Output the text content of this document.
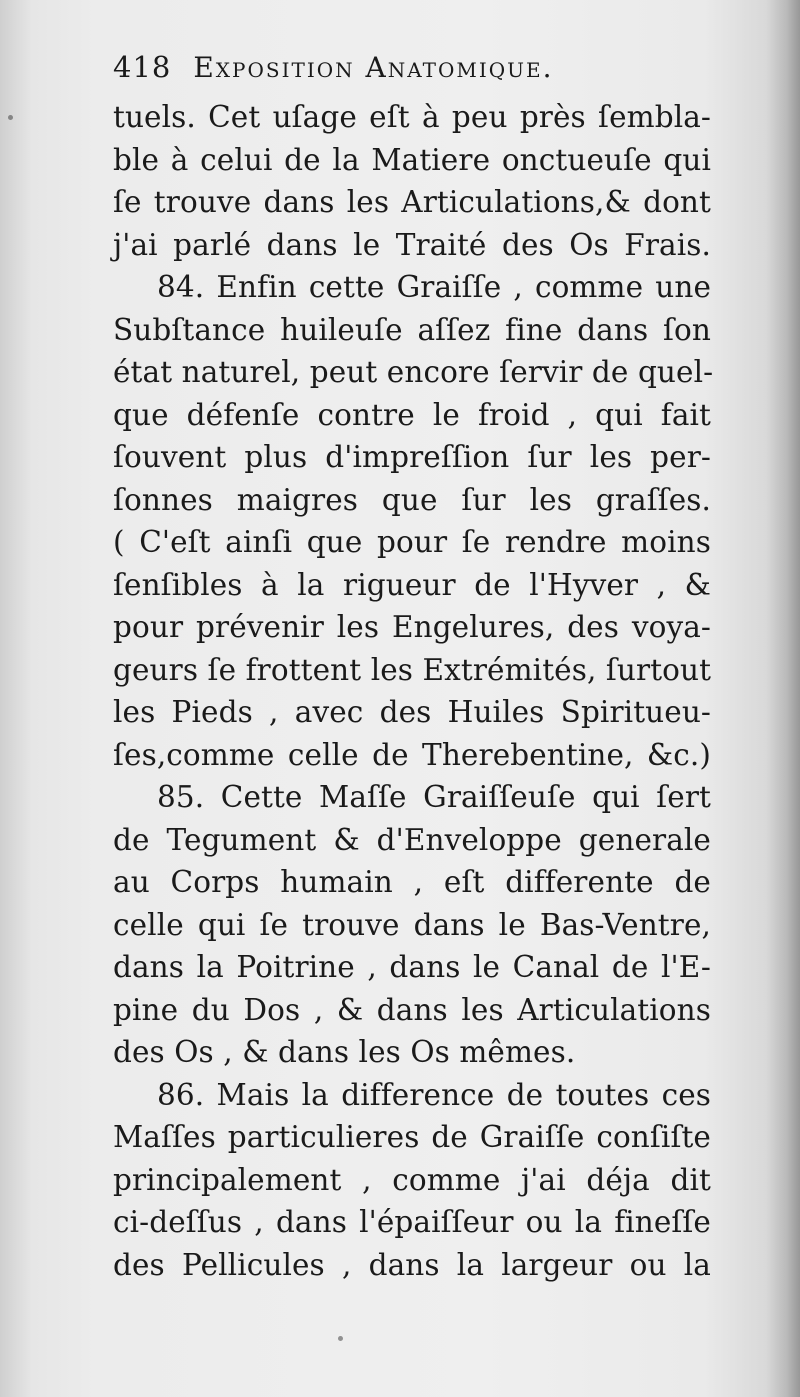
418 Exposition Anatomique.
tuels. Cet uſage eſt à peu près ſembla-
ble à celui de la Matiere onctueuſe qui
ſe trouve dans les Articulations,& dont
j'ai parlé dans le Traité des Os Frais.
84. Enfin cette Graiſſe , comme une
Subſtance huileuſe aſſez fine dans ſon
état naturel, peut encore ſervir de quel-
que défenſe contre le froid , qui fait
ſouvent plus d'impreſſion ſur les per-
ſonnes maigres que ſur les graſſes.
( C'eſt ainſi que pour ſe rendre moins
ſenſibles à la rigueur de l'Hyver , &
pour prévenir les Engelures, des voya-
geurs ſe frottent les Extrémités, ſurtout
les Pieds , avec des Huiles Spiritueu-
ſes,comme celle de Therebentine, &c.)
85. Cette Maſſe Graiſſeuſe qui ſert
de Tegument & d'Enveloppe generale
au Corps humain , eſt differente de
celle qui ſe trouve dans le Bas-Ventre,
dans la Poitrine , dans le Canal de l'E-
pine du Dos , & dans les Articulations
des Os , & dans les Os mêmes.
86. Mais la difference de toutes ces
Maſſes particulieres de Graiſſe conſiſte
principalement , comme j'ai déja dit
ci-deſſus , dans l'épaiſſeur ou la fineſſe
des Pellicules , dans la largeur ou la
